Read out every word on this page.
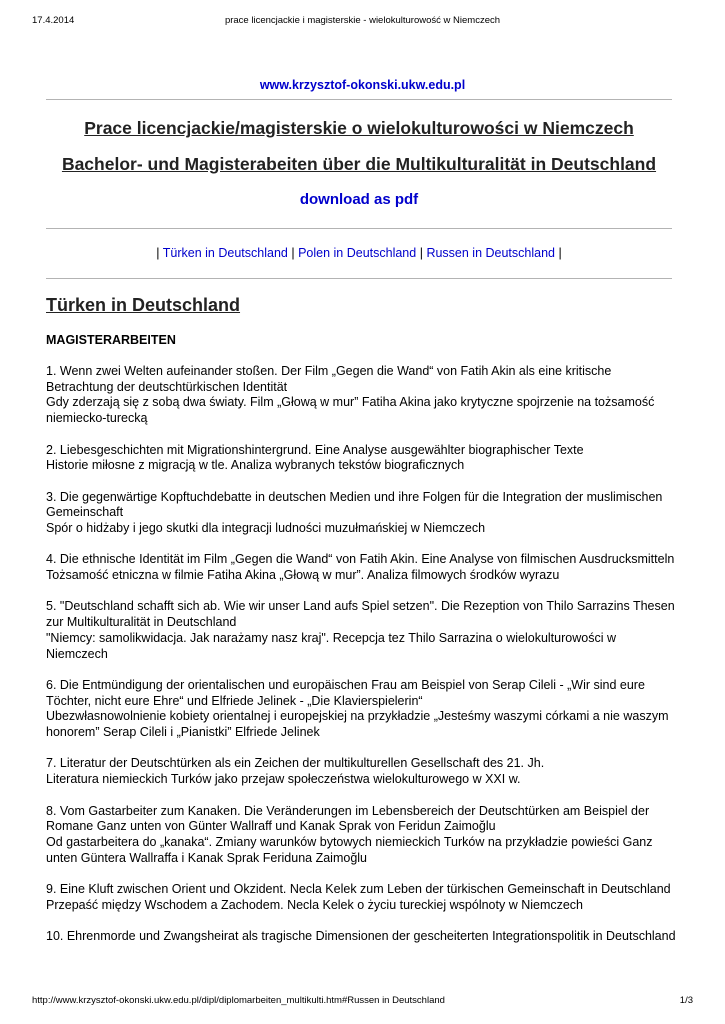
17.4.2014	prace licencjackie i magisterskie - wielokulturowość w Niemczech
www.krzysztof-okonski.ukw.edu.pl
Prace licencjackie/magisterskie o wielokulturowości w Niemczech
Bachelor- und Magisterabeiten über die Multikulturalität in Deutschland
download as pdf
| Türken in Deutschland | Polen in Deutschland | Russen in Deutschland |
Türken in Deutschland
MAGISTERARBEITEN

1. Wenn zwei Welten aufeinander stoßen. Der Film „Gegen die Wand“ von Fatih Akin als eine kritische Betrachtung der deutschtürkischen Identität

Gdy zderzają się z sobą dwa światy. Film „Głową w mur” Fatiha Akina jako krytyczne spojrzenie na tożsamość niemiecko-turecką

2. Liebesgeschichten mit Migrationshintergrund. Eine Analyse ausgewählter biographischer Texte

Historie miłosne z migracją w tle. Analiza wybranych tekstów biograficznych

3. Die gegenwärtige Kopftuchdebatte in deutschen Medien und ihre Folgen für die Integration der muslimischen Gemeinschaft

Spór o hidżaby i jego skutki dla integracji ludności muzułmańskiej w Niemczech

4. Die ethnische Identität im Film „Gegen die Wand“ von Fatih Akin. Eine Analyse von filmischen Ausdrucksmitteln

Tożsamość etniczna w filmie Fatiha Akina „Głową w mur”. Analiza filmowych środków wyrazu

5. "Deutschland schafft sich ab. Wie wir unser Land aufs Spiel setzen". Die Rezeption von Thilo Sarrazins Thesen zur Multikulturalität in Deutschland

"Niemcy: samolikwidacja. Jak narażamy nasz kraj". Recepcja tez Thilo Sarrazina o wielokulturowości w Niemczech

6. Die Entmündigung der orientalischen und europäischen Frau am Beispiel von Serap Cileli - „Wir sind eure Töchter, nicht eure Ehre“ und Elfriede Jelinek - „Die Klavierspielerin“

Ubezwłasnowolnienie kobiety orientalnej i europejskiej na przykładzie „Jesteśmy waszymi córkami a nie waszym honorem” Serap Cileli i „Pianistki” Elfriede Jelinek

7. Literatur der Deutschtürken als ein Zeichen der multikulturellen Gesellschaft des 21. Jh.

Literatura niemieckich Turków jako przejaw społeczeństwa wielokulturowego w XXI w.

8. Vom Gastarbeiter zum Kanaken. Die Veränderungen im Lebensbereich der Deutschtürken am Beispiel der Romane Ganz unten von Günter Wallraff und Kanak Sprak von Feridun Zaimoğlu

Od gastarbeitera do „kanaka“. Zmiany warunków bytowych niemieckich Turków na przykładzie powieści Ganz unten Güntera Wallraffa i Kanak Sprak Feriduna Zaimoğlu

9. Eine Kluft zwischen Orient und Okzident. Necla Kelek zum Leben der türkischen Gemeinschaft in Deutschland

Przepaść między Wschodem a Zachodem. Necla Kelek o życiu tureckiej wspólnoty w Niemczech

10. Ehrenmorde und Zwangsheirat als tragische Dimensionen der gescheiterten Integrationspolitik in Deutschland

http://www.krzysztof-okonski.ukw.edu.pl/dipl/diplomarbeiten_multikulti.htm#Russen in Deutschland	1/3
